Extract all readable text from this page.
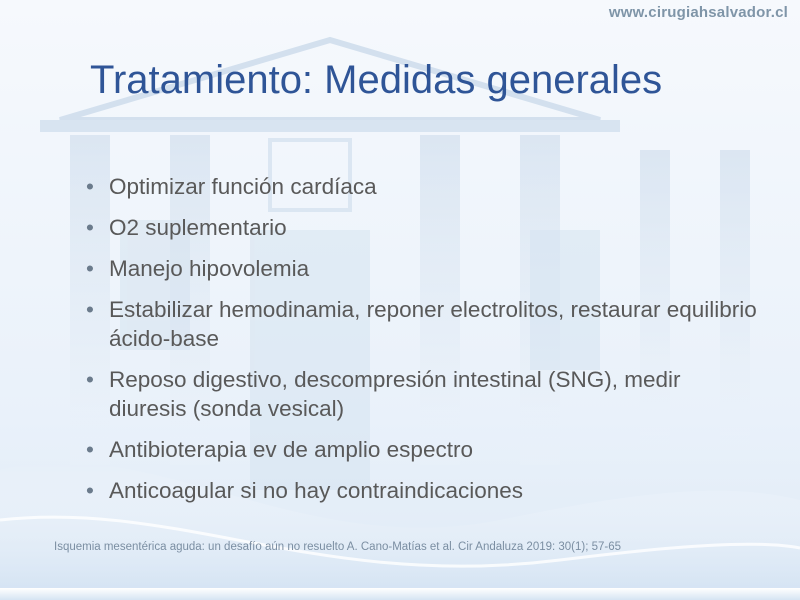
www.cirugiahsalvador.cl
Tratamiento: Medidas generales
• Optimizar función cardíaca
• O2 suplementario
• Manejo hipovolemia
• Estabilizar hemodinamia, reponer electrolitos, restaurar equilibrio ácido-base
• Reposo digestivo, descompresión intestinal (SNG), medir diuresis (sonda vesical)
• Antibioterapia ev de amplio espectro
• Anticoagular si no hay contraindicaciones
Isquemia mesentérica aguda: un desafío aún no resuelto A. Cano-Matías et al. Cir Andaluza 2019: 30(1); 57-65
